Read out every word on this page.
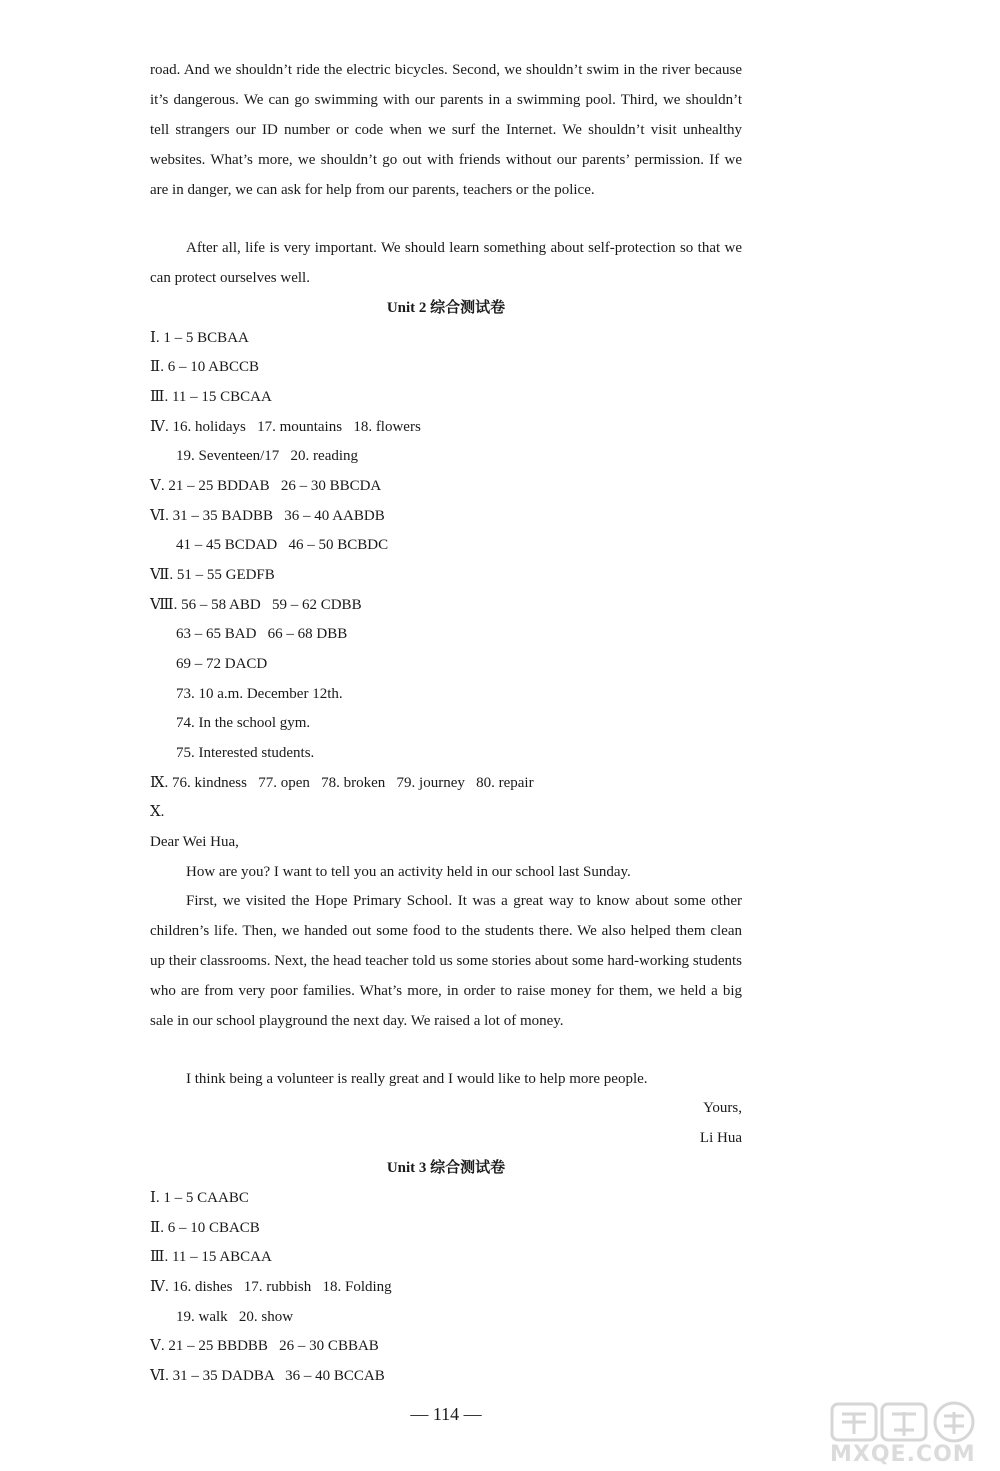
road. And we shouldn’t ride the electric bicycles. Second, we shouldn’t swim in the river because it’s dangerous. We can go swimming with our parents in a swimming pool. Third, we shouldn’t tell strangers our ID number or code when we surf the Internet. We shouldn’t visit unhealthy websites. What’s more, we shouldn’t go out with friends without our parents’ permission. If we are in danger, we can ask for help from our parents, teachers or the police.
After all, life is very important. We should learn something about self-protection so that we can protect ourselves well.
Unit 2 综合测试卷
Ⅰ. 1 – 5 BCBAA
Ⅱ. 6 – 10 ABCCB
Ⅲ. 11 – 15 CBCAA
Ⅳ. 16. holidays   17. mountains   18. flowers
19. Seventeen/17   20. reading
Ⅴ. 21 – 25 BDDAB   26 – 30 BBCDA
Ⅵ. 31 – 35 BADBB   36 – 40 AABDB
41 – 45 BCDAD   46 – 50 BCBDC
Ⅶ. 51 – 55 GEDFB
Ⅷ. 56 – 58 ABD   59 – 62 CDBB
63 – 65 BAD   66 – 68 DBB
69 – 72 DACD
73. 10 a.m. December 12th.
74. In the school gym.
75. Interested students.
Ⅸ. 76. kindness   77. open   78. broken   79. journey   80. repair
Ⅹ.
Dear Wei Hua,
How are you? I want to tell you an activity held in our school last Sunday.
First, we visited the Hope Primary School. It was a great way to know about some other children’s life. Then, we handed out some food to the students there. We also helped them clean up their classrooms. Next, the head teacher told us some stories about some hard-working students who are from very poor families. What’s more, in order to raise money for them, we held a big sale in our school playground the next day. We raised a lot of money.
I think being a volunteer is really great and I would like to help more people.
Yours,
Li Hua
Unit 3 综合测试卷
Ⅰ. 1 – 5 CAABC
Ⅱ. 6 – 10 CBACB
Ⅲ. 11 – 15 ABCAA
Ⅳ. 16. dishes   17. rubbish   18. Folding
19. walk   20. show
Ⅴ. 21 – 25 BBDBB   26 – 30 CBBAB
Ⅵ. 31 – 35 DADBA   36 – 40 BCCAB
— 114 —
MXQE.COM
